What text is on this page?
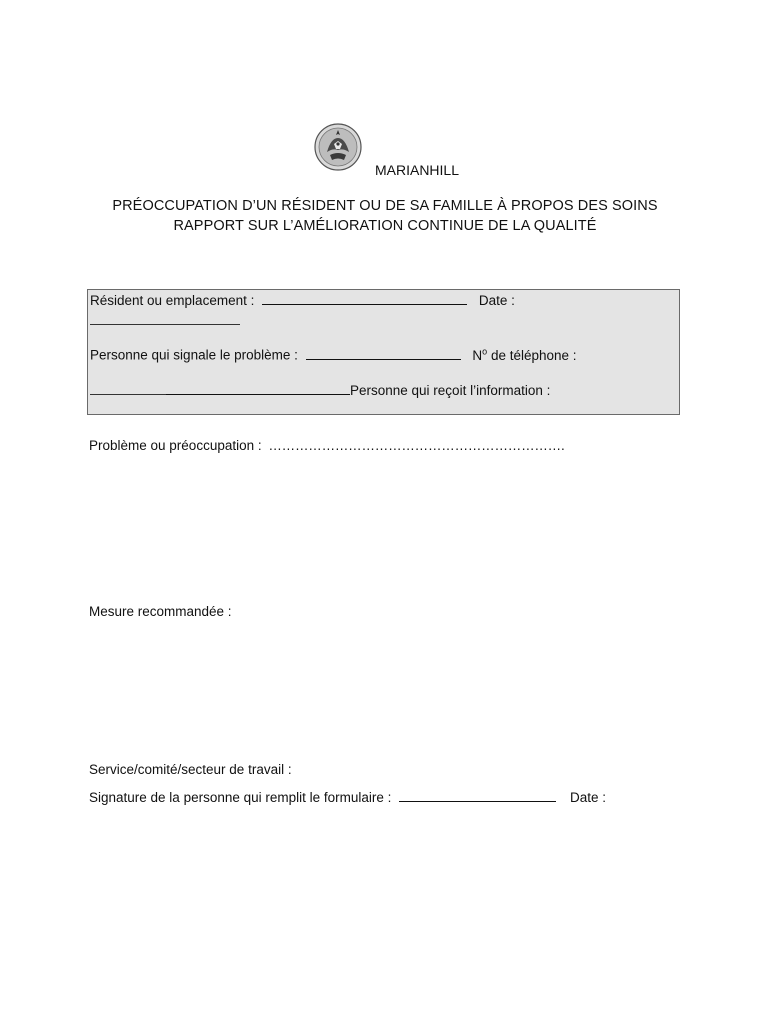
MARIANHILL
PRÉOCCUPATION D’UN RÉSIDENT OU DE SA FAMILLE À PROPOS DES SOINS
RAPPORT SUR L’AMÉLIORATION CONTINUE DE LA QUALITÉ
Résident ou emplacement :	Date :
Personne qui signale le problème :	$N^o$ de téléphone :
Personne qui reçoit l’information :
Problème ou préoccupation : ………………………………………………………….
Mesure recommandée :
Service/comité/secteur de travail :
Signature de la personne qui remplit le formulaire :	Date :
